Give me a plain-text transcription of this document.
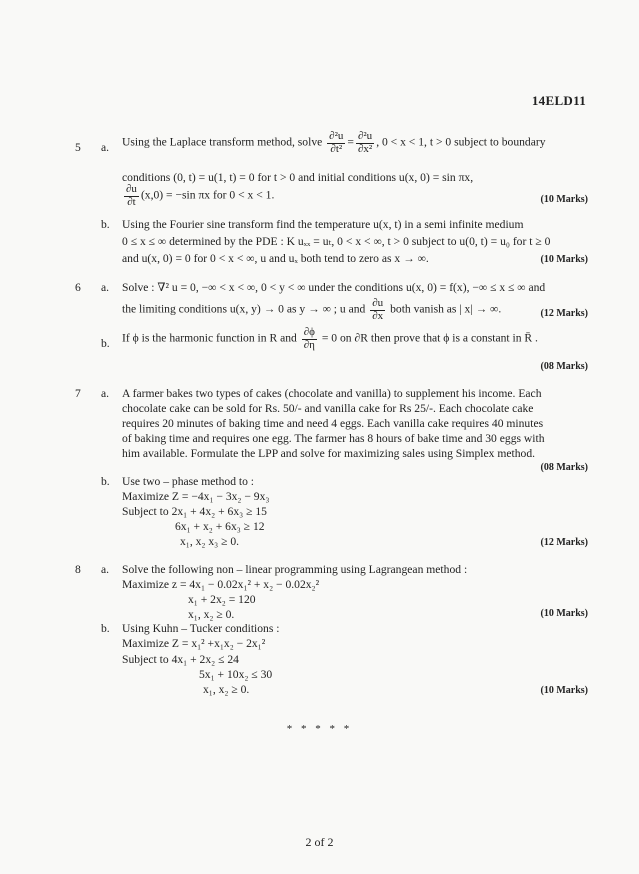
14ELD11
5	a.	Using the Laplace transform method, solve $\frac{\text{∂²u}}{\text{∂t²}} = \frac{\text{∂²u}}{\text{∂x²}}$ , 0 < x < 1, t > 0 subject to boundary
conditions (0, t) = u(1, t) = 0 for t > 0 and initial conditions u(x, 0) = sin πx,
$\frac{\partial u}{\partial t} (x,0) = -\sin$ πx for 0 < x < 1.	(10 Marks)
b.	Using the Fourier sine transform find the temperature u(x, t) in a semi infinite medium
0 ≤ x ≤ ∞ determined by the PDE : K uₓₓ = uₜ, 0 < x < ∞, t > 0 subject to u(0, t) = u₀ for t ≥ 0
and u(x, 0) = 0 for 0 < x < ∞, u and uₓ both tend to zero as x → ∞.	(10 Marks)
6	a.	Solve : ∇² u = 0, −∞ < x < ∞, 0 < y < ∞ under the conditions u(x, 0) = f(x), −∞ ≤ x ≤ ∞ and
the limiting conditions u(x, y) → 0 as y → ∞ ; u and $\frac{\partial u}{\partial x}$ both vanish as | x| → ∞.	(12 Marks)
b.	If ϕ is the harmonic function in R and $\frac{\partial\phi}{\partial\eta} = 0$ on ∂R then prove that ϕ is a constant in R̄ .
(08 Marks)
7	a.	A farmer bakes two types of cakes (chocolate and vanilla) to supplement his income. Each
chocolate cake can be sold for Rs. 50/- and vanilla cake for Rs 25/-. Each chocolate cake
requires 20 minutes of baking time and need 4 eggs. Each vanilla cake requires 40 minutes
of baking time and requires one egg. The farmer has 8 hours of bake time and 30 eggs with
him available. Formulate the LPP and solve for maximizing sales using Simplex method.
(08 Marks)
b.	Use two – phase method to :
Maximize Z = −4x₁ − 3x₂ − 9x₃
Subject to 2x₁ + 4x₂ + 6x₃ ≥ 15
6x₁ + x₂ + 6x₃ ≥ 12
x₁, x₂ x₃ ≥ 0.	(12 Marks)
8	a.	Solve the following non – linear programming using Lagrangean method :
Maximize z = 4x₁ − 0.02x₁² + x₂ − 0.02x₂²
x₁ + 2x₂ = 120
x₁, x₂ ≥ 0.	(10 Marks)
b.	Using Kuhn – Tucker conditions :
Maximize Z = x₁² +x₁x₂ − 2x₁²
Subject to 4x₁ + 2x₂ ≤ 24
5x₁ + 10x₂ ≤ 30
x₁, x₂ ≥ 0.	(10 Marks)
* * * * *
2 of 2
